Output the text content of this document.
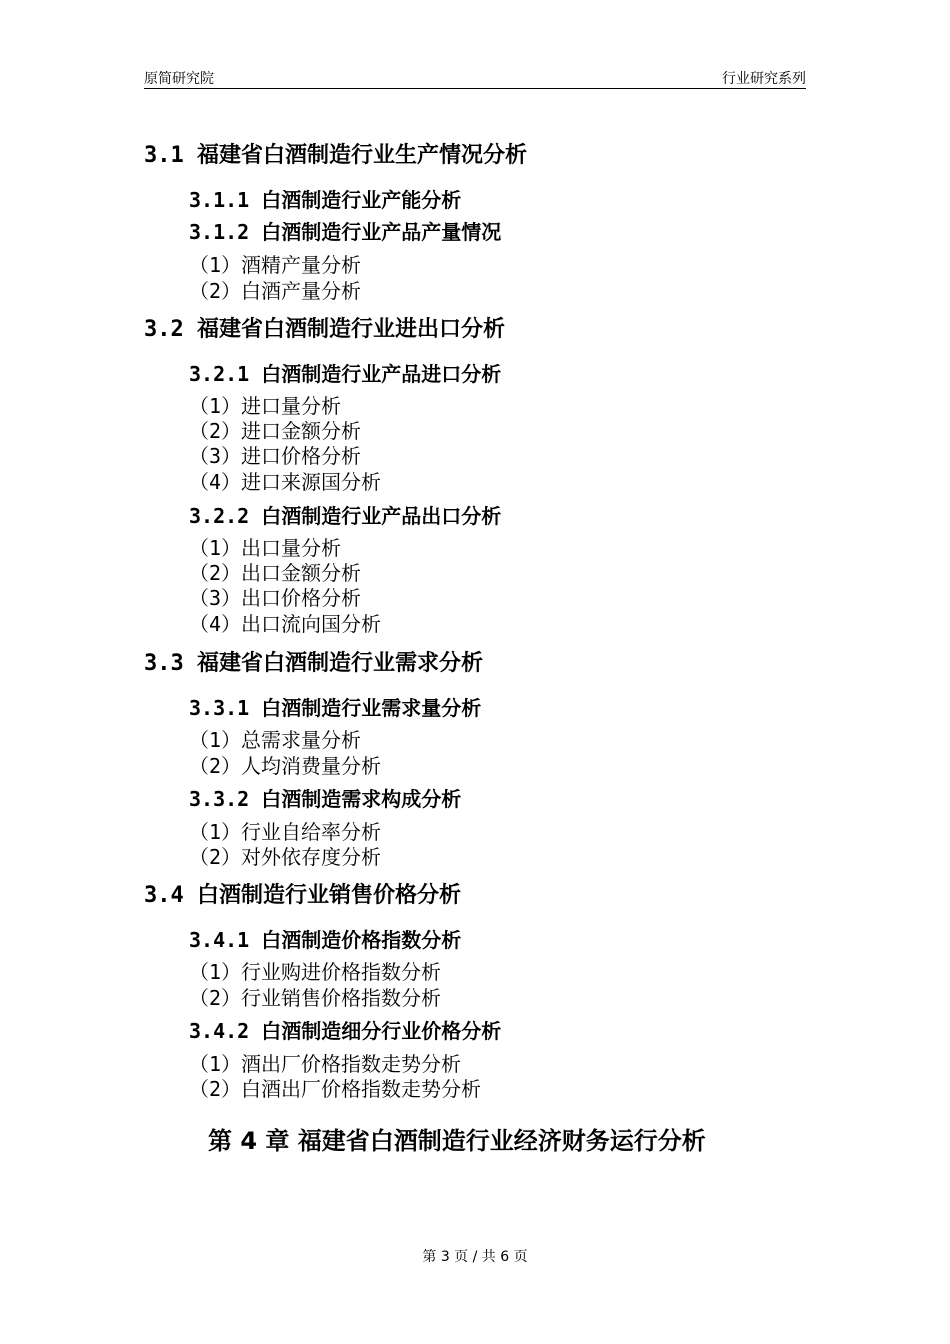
原简研究院	行业研究系列
3.1 福建省白酒制造行业生产情况分析
3.1.1 白酒制造行业产能分析
3.1.2 白酒制造行业产品产量情况
（1）酒精产量分析
（2）白酒产量分析
3.2 福建省白酒制造行业进出口分析
3.2.1 白酒制造行业产品进口分析
（1）进口量分析
（2）进口金额分析
（3）进口价格分析
（4）进口来源国分析
3.2.2 白酒制造行业产品出口分析
（1）出口量分析
（2）出口金额分析
（3）出口价格分析
（4）出口流向国分析
3.3 福建省白酒制造行业需求分析
3.3.1 白酒制造行业需求量分析
（1）总需求量分析
（2）人均消费量分析
3.3.2 白酒制造需求构成分析
（1）行业自给率分析
（2）对外依存度分析
3.4 白酒制造行业销售价格分析
3.4.1 白酒制造价格指数分析
（1）行业购进价格指数分析
（2）行业销售价格指数分析
3.4.2 白酒制造细分行业价格分析
（1）酒出厂价格指数走势分析
（2）白酒出厂价格指数走势分析
第 4 章 福建省白酒制造行业经济财务运行分析
第 3 页 / 共 6 页
